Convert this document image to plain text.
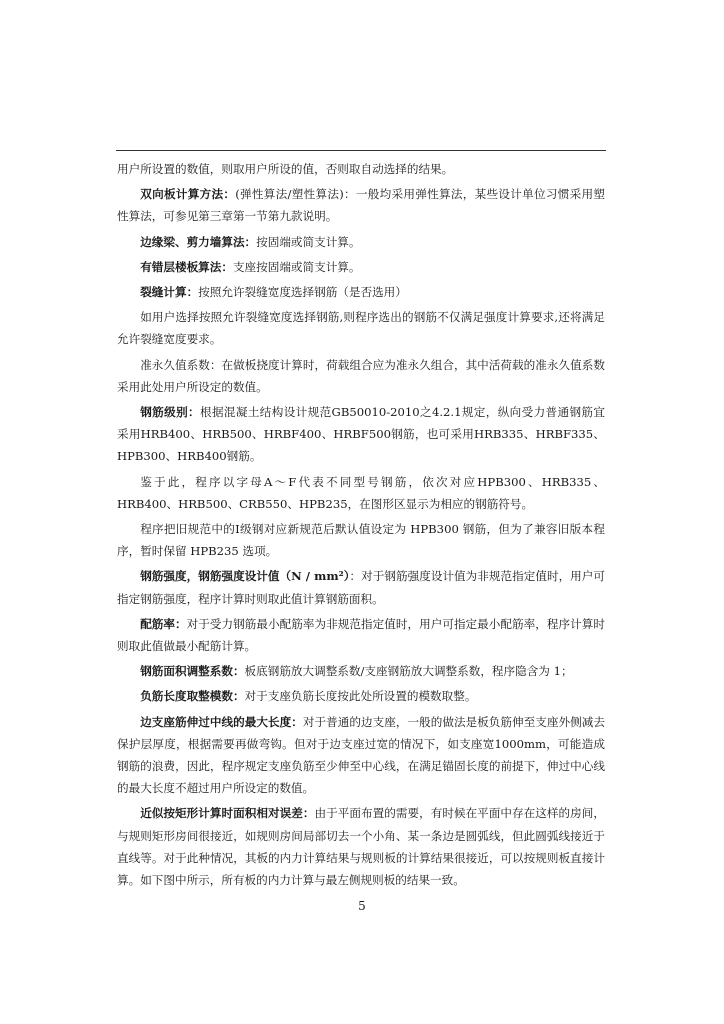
用户所设置的数值，则取用户所设的值，否则取自动选择的结果。

双向板计算方法：(弹性算法/塑性算法)：一般均采用弹性算法，某些设计单位习惯采用塑性算法，可参见第三章第一节第九款说明。

边缘梁、剪力墙算法：按固端或简支计算。

有错层楼板算法：支座按固端或简支计算。

裂缝计算：按照允许裂缝宽度选择钢筋（是否选用）

如用户选择按照允许裂缝宽度选择钢筋,则程序选出的钢筋不仅满足强度计算要求,还将满足允许裂缝宽度要求。

准永久值系数：在做板挠度计算时，荷载组合应为准永久组合，其中活荷载的准永久值系数采用此处用户所设定的数值。

钢筋级别：根据混凝土结构设计规范GB50010-2010之4.2.1规定，纵向受力普通钢筋宜采用HRB400、HRB500、HRBF400、HRBF500钢筋，也可采用HRB335、HRBF335、HPB300、HRB400钢筋。

鉴于此，程序以字母A～F代表不同型号钢筋，依次对应HPB300、HRB335、HRB400、HRB500、CRB550、HPB235，在图形区显示为相应的钢筋符号。

程序把旧规范中的Ⅰ级钢对应新规范后默认值设定为 HPB300 钢筋，但为了兼容旧版本程序，暂时保留 HPB235 选项。

钢筋强度，钢筋强度设计值（N / mm²）：对于钢筋强度设计值为非规范指定值时，用户可指定钢筋强度，程序计算时则取此值计算钢筋面积。

配筋率：对于受力钢筋最小配筋率为非规范指定值时，用户可指定最小配筋率，程序计算时则取此值做最小配筋计算。

钢筋面积调整系数：板底钢筋放大调整系数/支座钢筋放大调整系数，程序隐含为 1；

负筋长度取整模数：对于支座负筋长度按此处所设置的模数取整。

边支座筋伸过中线的最大长度：对于普通的边支座，一般的做法是板负筋伸至支座外侧减去保护层厚度，根据需要再做弯钩。但对于边支座过宽的情况下，如支座宽1000mm，可能造成钢筋的浪费，因此，程序规定支座负筋至少伸至中心线，在满足锚固长度的前提下，伸过中心线的最大长度不超过用户所设定的数值。

近似按矩形计算时面积相对误差：由于平面布置的需要，有时候在平面中存在这样的房间，与规则矩形房间很接近，如规则房间局部切去一个小角、某一条边是圆弧线，但此圆弧线接近于直线等。对于此种情况，其板的内力计算结果与规则板的计算结果很接近，可以按规则板直接计算。如下图中所示，所有板的内力计算与最左侧规则板的结果一致。

5
